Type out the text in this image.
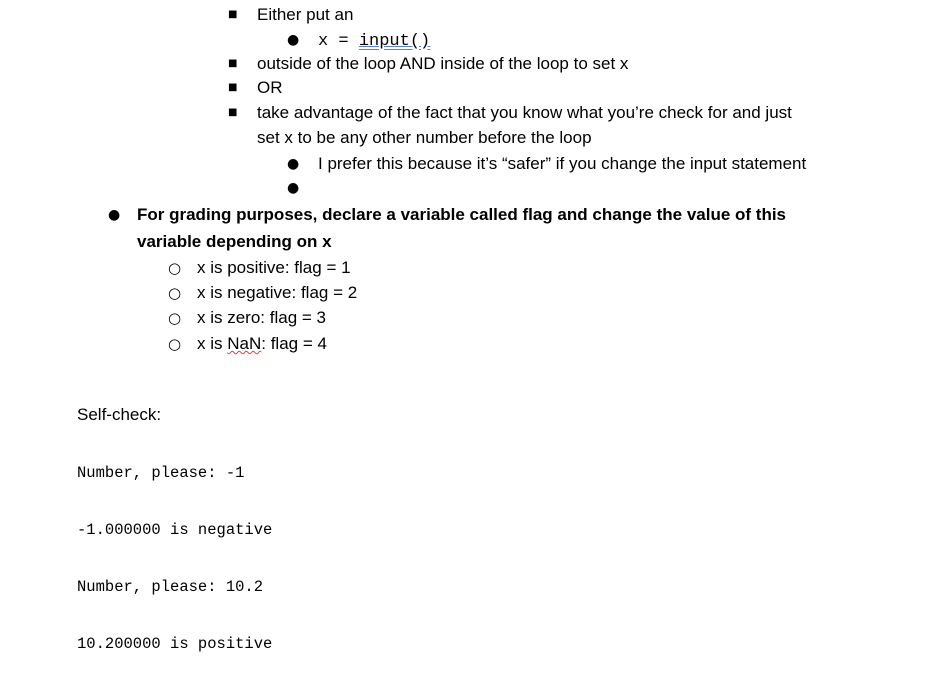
■ Either put an
● x = input()
■ outside of the loop AND inside of the loop to set x
■ OR
■ take advantage of the fact that you know what you’re check for and just
set x to be any other number before the loop
● I prefer this because it’s “safer” if you change the input statement
●
● For grading purposes, declare a variable called flag and change the value of this
variable depending on x
○ x is positive: flag = 1
○ x is negative: flag = 2
○ x is zero: flag = 3
○ x is NaN: flag = 4
Self-check:

Number, please: -1

-1.000000 is negative

Number, please: 10.2

10.200000 is positive
